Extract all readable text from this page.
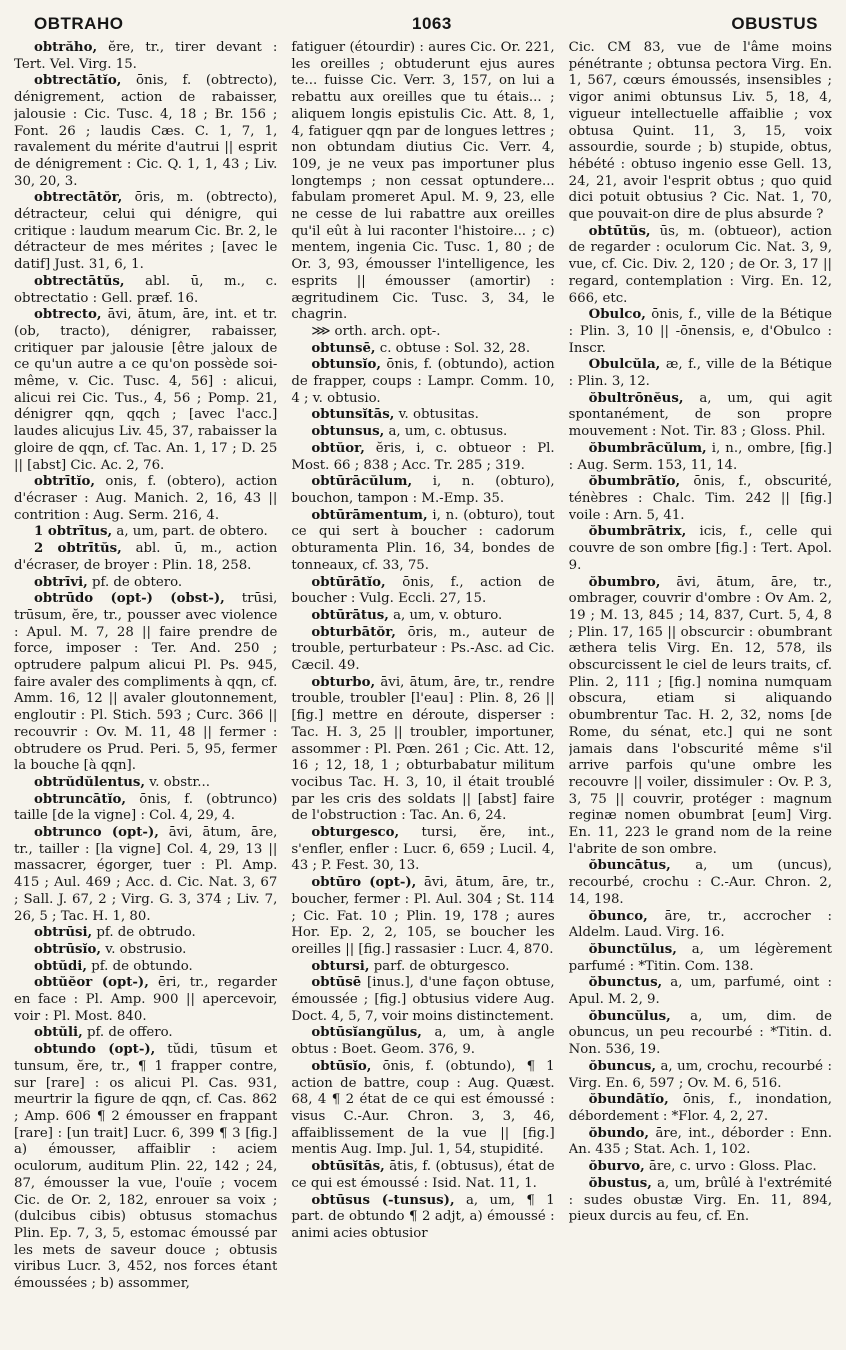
OBTRAHO	1063	OBUSTUS

obtrăho, ĕre, tr., tirer devant : Tert. Vel. Virg. 15.

obtrectātĭo, ōnis, f. (obtrecto), dénigrement, action de rabaisser, jalousie : Cic. Tusc. 4, 18 ; Br. 156 ; Font. 26 ; laudis Cæs. C. 1, 7, 1, ravalement du mérite d'autrui || esprit de dénigrement : Cic. Q. 1, 1, 43 ; Liv. 30, 20, 3.

obtrectātŏr, ōris, m. (obtrecto), détracteur, celui qui dénigre, qui critique : laudum mearum Cic. Br. 2, le détracteur de mes mérites ; [avec le datif] Just. 31, 6, 1.

obtrectātŭs, abl. ū, m., c. obtrectatio : Gell. præf. 16.

obtrecto, āvi, ātum, āre, int. et tr. (ob, tracto), dénigrer, rabaisser, critiquer par jalousie [être jaloux de ce qu'un autre a ce qu'on possède soi-même, v. Cic. Tusc. 4, 56] : alicui, alicui rei Cic. Tus., 4, 56 ; Pomp. 21, dénigrer qqn, qqch ; [avec l'acc.] laudes alicujus Liv. 45, 37, rabaisser la gloire de qqn, cf. Tac. An. 1, 17 ; D. 25 || [abst] Cic. Ac. 2, 76.

obtrītĭo, onis, f. (obtero), action d'écraser : Aug. Manich. 2, 16, 43 || contrition : Aug. Serm. 216, 4.

1 obtrītus, a, um, part. de obtero.

2 obtrītŭs, abl. ū, m., action d'écraser, de broyer : Plin. 18, 258.

obtrīvi, pf. de obtero.

obtrūdo (opt-) (obst-), trūsi, trūsum, ĕre, tr., pousser avec violence : Apul. M. 7, 28 || faire prendre de force, imposer : Ter. And. 250 ; optrudere palpum alicui Pl. Ps. 945, faire avaler des compliments à qqn, cf. Amm. 16, 12 || avaler gloutonnement, engloutir : Pl. Stich. 593 ; Curc. 366 || recouvrir : Ov. M. 11, 48 || fermer : obtrudere os Prud. Peri. 5, 95, fermer la bouche [à qqn].

obtrŭdŭlentus, v. obstr...

obtruncātĭo, ōnis, f. (obtrunco) taille [de la vigne] : Col. 4, 29, 4.

obtrunco (opt-), āvi, ātum, āre, tr., tailler : [la vigne] Col. 4, 29, 13 || massacrer, égorger, tuer : Pl. Amp. 415 ; Aul. 469 ; Acc. d. Cic. Nat. 3, 67 ; Sall. J. 67, 2 ; Virg. G. 3, 374 ; Liv. 7, 26, 5 ; Tac. H. 1, 80.

obtrūsi, pf. de obtrudo.

obtrūsĭo, v. obstrusio.

obtŭdi, pf. de obtundo.

obtŭĕor (opt-), ēri, tr., regarder en face : Pl. Amp. 900 || apercevoir, voir : Pl. Most. 840.

obtŭli, pf. de offero.

obtundo (opt-), tŭdi, tūsum et tunsum, ĕre, tr., ¶ 1 frapper contre, sur [rare] : os alicui Pl. Cas. 931, meurtrir la figure de qqn, cf. Cas. 862 ; Amp. 606 ¶ 2 émousser en frappant [rare] : [un trait] Lucr. 6, 399 ¶ 3 [fig.] a) émousser, affaiblir : aciem oculorum, auditum Plin. 22, 142 ; 24, 87, émousser la vue, l'ouïe ; vocem Cic. de Or. 2, 182, enrouer sa voix ; (dulcibus cibis) obtusus stomachus Plin. Ep. 7, 3, 5, estomac émoussé par les mets de saveur douce ; obtusis viribus Lucr. 3, 452, nos forces étant émoussées ; b) assommer,

fatiguer (étourdir) : aures Cic. Or. 221, les oreilles ; obtuderunt ejus aures te... fuisse Cic. Verr. 3, 157, on lui a rebattu aux oreilles que tu étais... ; aliquem longis epistulis Cic. Att. 8, 1, 4, fatiguer qqn par de longues lettres ; non obtundam diutius Cic. Verr. 4, 109, je ne veux pas importuner plus longtemps ; non cessat optundere... fabulam promeret Apul. M. 9, 23, elle ne cesse de lui rabattre aux oreilles qu'il eût à lui raconter l'histoire... ; c) mentem, ingenia Cic. Tusc. 1, 80 ; de Or. 3, 93, émousser l'intelligence, les esprits || émousser (amortir) : ægritudinem Cic. Tusc. 3, 34, le chagrin.

⋙ orth. arch. opt-.

obtunsē, c. obtuse : Sol. 32, 28.

obtunsĭo, ōnis, f. (obtundo), action de frapper, coups : Lampr. Comm. 10, 4 ; v. obtusio.

obtunsĭtās, v. obtusitas.

obtunsus, a, um, c. obtusus.

obtŭor, ĕris, i, c. obtueor : Pl. Most. 66 ; 838 ; Acc. Tr. 285 ; 319.

obtūrācŭlum, i, n. (obturo), bouchon, tampon : M.-Emp. 35.

obtūrāmentum, i, n. (obturo), tout ce qui sert à boucher : cadorum obturamenta Plin. 16, 34, bondes de tonneaux, cf. 33, 75.

obtūrātĭo, ōnis, f., action de boucher : Vulg. Eccli. 27, 15.

obtūrātus, a, um, v. obturo.

obturbātŏr, ōris, m., auteur de trouble, perturbateur : Ps.-Asc. ad Cic. Cæcil. 49.

obturbo, āvi, ātum, āre, tr., rendre trouble, troubler [l'eau] : Plin. 8, 26 || [fig.] mettre en déroute, disperser : Tac. H. 3, 25 || troubler, importuner, assommer : Pl. Pœn. 261 ; Cic. Att. 12, 16 ; 12, 18, 1 ; obturbabatur militum vocibus Tac. H. 3, 10, il était troublé par les cris des soldats || [abst] faire de l'obstruction : Tac. An. 6, 24.

obturgesco, tursi, ĕre, int., s'enfler, enfler : Lucr. 6, 659 ; Lucil. 4, 43 ; P. Fest. 30, 13.

obtūro (opt-), āvi, ātum, āre, tr., boucher, fermer : Pl. Aul. 304 ; St. 114 ; Cic. Fat. 10 ; Plin. 19, 178 ; aures Hor. Ep. 2, 2, 105, se boucher les oreilles || [fig.] rassasier : Lucr. 4, 870.

obtursi, parf. de obturgesco.

obtūsē [inus.], d'une façon obtuse, émoussée ; [fig.] obtusius videre Aug. Doct. 4, 5, 7, voir moins distinctement.

obtūsĭangŭlus, a, um, à angle obtus : Boet. Geom. 376, 9.

obtūsĭo, ōnis, f. (obtundo), ¶ 1 action de battre, coup : Aug. Quæst. 68, 4 ¶ 2 état de ce qui est émoussé : visus C.-Aur. Chron. 3, 3, 46, affaiblissement de la vue || [fig.] mentis Aug. Imp. Jul. 1, 54, stupidité.

obtūsĭtās, ātis, f. (obtusus), état de ce qui est émoussé : Isid. Nat. 11, 1.

obtūsus (-tunsus), a, um, ¶ 1 part. de obtundo ¶ 2 adjt, a) émoussé : animi acies obtusior

Cic. CM 83, vue de l'âme moins pénétrante ; obtunsa pectora Virg. En. 1, 567, cœurs émoussés, insensibles ; vigor animi obtunsus Liv. 5, 18, 4, vigueur intellectuelle affaiblie ; vox obtusa Quint. 11, 3, 15, voix assourdie, sourde ; b) stupide, obtus, hébété : obtuso ingenio esse Gell. 13, 24, 21, avoir l'esprit obtus ; quo quid dici potuit obtusius ? Cic. Nat. 1, 70, que pouvait-on dire de plus absurde ?

obtūtŭs, ūs, m. (obtueor), action de regarder : oculorum Cic. Nat. 3, 9, vue, cf. Cic. Div. 2, 120 ; de Or. 3, 17 || regard, contemplation : Virg. En. 12, 666, etc.

Obulco, ōnis, f., ville de la Bétique : Plin. 3, 10 || -ōnensis, e, d'Obulco : Inscr.

Obulcŭla, æ, f., ville de la Bétique : Plin. 3, 12.

ŏbultrōnĕus, a, um, qui agit spontanément, de son propre mouvement : Not. Tir. 83 ; Gloss. Phil.

ŏbumbrācŭlum, i, n., ombre, [fig.] : Aug. Serm. 153, 11, 14.

ŏbumbrātĭo, ōnis, f., obscurité, ténèbres : Chalc. Tim. 242 || [fig.] voile : Arn. 5, 41.

ŏbumbrātrix, icis, f., celle qui couvre de son ombre [fig.] : Tert. Apol. 9.

ŏbumbro, āvi, ātum, āre, tr., ombrager, couvrir d'ombre : Ov Am. 2, 19 ; M. 13, 845 ; 14, 837, Curt. 5, 4, 8 ; Plin. 17, 165 || obscurcir : obumbrant æthera telis Virg. En. 12, 578, ils obscurcissent le ciel de leurs traits, cf. Plin. 2, 111 ; [fig.] nomina numquam obscura, etiam si aliquando obumbrentur Tac. H. 2, 32, noms [de Rome, du sénat, etc.] qui ne sont jamais dans l'obscurité même s'il arrive parfois qu'une ombre les recouvre || voiler, dissimuler : Ov. P. 3, 3, 75 || couvrir, protéger : magnum reginæ nomen obumbrat [eum] Virg. En. 11, 223 le grand nom de la reine l'abrite de son ombre.

ŏbuncātus, a, um (uncus), recourbé, crochu : C.-Aur. Chron. 2, 14, 198.

ŏbunco, āre, tr., accrocher : Aldelm. Laud. Virg. 16.

ŏbunctŭlus, a, um légèrement parfumé : *Titin. Com. 138.

ŏbunctus, a, um, parfumé, oint : Apul. M. 2, 9.

ŏbuncŭlus, a, um, dim. de obuncus, un peu recourbé : *Titin. d. Non. 536, 19.

ŏbuncus, a, um, crochu, recourbé : Virg. En. 6, 597 ; Ov. M. 6, 516.

ŏbundātĭo, ōnis, f., inondation, débordement : *Flor. 4, 2, 27.

ŏbundo, āre, int., déborder : Enn. An. 435 ; Stat. Ach. 1, 102.

ŏburvo, āre, c. urvo : Gloss. Plac.

ŏbustus, a, um, brûlé à l'extrémité : sudes obustæ Virg. En. 11, 894, pieux durcis au feu, cf. En.
